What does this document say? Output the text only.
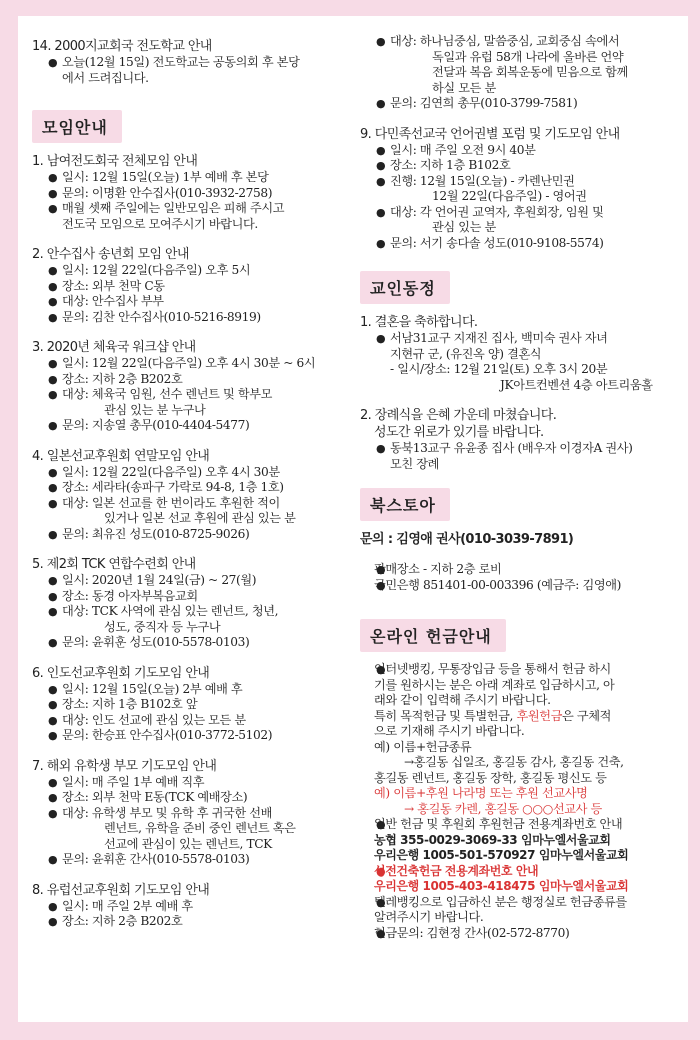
14. 2000지교회국 전도학교 안내

● 오늘(12월 15일) 전도학교는 공동의회 후 본당

에서 드려집니다.

모임안내

1. 남여전도회국 전체모임 안내

● 일시: 12월 15일(오늘) 1부 예배 후 본당

● 문의: 이명환 안수집사(010-3932-2758)

● 매월 셋째 주일에는 일반모임은 피해 주시고

전도국 모임으로 모여주시기 바랍니다.

2. 안수집사 송년회 모임 안내

● 일시: 12월 22일(다음주일) 오후 5시

● 장소: 외부 천막 C동

● 대상: 안수집사 부부

● 문의: 김찬 안수집사(010-5216-8919)

3. 2020년 체육국 워크샵 안내

● 일시: 12월 22일(다음주일) 오후 4시 30분 ~ 6시

● 장소: 지하 2층 B202호

● 대상: 체육국 임원, 선수 렌넌트 및 학부모

관심 있는 분 누구나

● 문의: 지송열 총무(010-4404-5477)

4. 일본선교후원회 연말모임 안내

● 일시: 12월 22일(다음주일) 오후 4시 30분

● 장소: 세라타(송파구 가락로 94-8, 1층 1호)

● 대상: 일본 선교를 한 번이라도 후원한 적이

있거나 일본 선교 후원에 관심 있는 분

● 문의: 최유진 성도(010-8725-9026)

5. 제2회 TCK 연합수련회 안내

● 일시: 2020년 1월 24일(금) ~ 27(월)

● 장소: 동경 아자부복음교회

● 대상: TCK 사역에 관심 있는 렌넌트, 청년,

성도, 중직자 등 누구나

● 문의: 윤휘훈 성도(010-5578-0103)

6. 인도선교후원회 기도모임 안내

● 일시: 12월 15일(오늘) 2부 예배 후

● 장소: 지하 1층 B102호 앞

● 대상: 인도 선교에 관심 있는 모든 분

● 문의: 한승표 안수집사(010-3772-5102)

7. 해외 유학생 부모 기도모임 안내

● 일시: 매 주일 1부 예배 직후

● 장소: 외부 천막 E동(TCK 예배장소)

● 대상: 유학생 부모 및 유학 후 귀국한 선배

렌넌트, 유학을 준비 중인 렌넌트 혹은

선교에 관심이 있는 렌넌트, TCK

● 문의: 윤휘훈 간사(010-5578-0103)

8. 유럽선교후원회 기도모임 안내

● 일시: 매 주일 2부 예배 후

● 장소: 지하 2층 B202호

● 대상: 하나님중심, 말씀중심, 교회중심 속에서

독일과 유럽 58개 나라에 올바른 언약

전달과 복음 회복운동에 믿음으로 함께

하실 모든 분

● 문의: 김연희 총무(010-3799-7581)

9. 다민족선교국 언어권별 포럼 및 기도모임 안내

● 일시: 매 주일 오전 9시 40분

● 장소: 지하 1층 B102호

● 진행: 12월 15일(오늘) - 카렌난민권

12월 22일(다음주일) - 영어권

● 대상: 각 언어권 교역자, 후원회장, 임원 및

관심 있는 분

● 문의: 서기 송다솔 성도(010-9108-5574)

교인동정

1. 결혼을 축하합니다.

● 서남31교구 지재진 집사, 백미숙 권사 자녀

지현규 군, (유진옥 양) 결혼식

- 일시/장소: 12월 21일(토) 오후 3시 20분

JK아트컨벤션 4층 아트리움홀

2. 장례식을 은혜 가운데 마쳤습니다.

성도간 위로가 있기를 바랍니다.

● 동북13교구 유윤종 집사 (배우자 이경자A 권사)

모친 장례

북스토아

문의 : 김영애 권사(010-3039-7891)

● 판매장소 - 지하 2층 로비

● 국민은행 851401-00-003396 (예금주: 김영애)

온라인 헌금안내

● 인터넷뱅킹, 무통장입금 등을 통해서 헌금 하시

기를 원하시는 분은 아래 계좌로 입금하시고, 아

래와 같이 입력해 주시기 바랍니다.

특히 목적헌금 및 특별헌금, 후원헌금은 구체적

으로 기재해 주시기 바랍니다.

예) 이름+헌금종류

→홍길동 십일조, 홍길동 감사, 홍길동 건축,

홍길동 렌넌트, 홍길동 장학, 홍길동 평신도 등

예) 이름+후원 나라명 또는 후원 선교사명

→ 홍길동 카렌, 홍길동 ○○○선교사 등

● 일반 헌금 및 후원회 후원헌금 전용계좌번호 안내

농협 355-0029-3069-33 임마누엘서울교회

우리은행 1005-501-570927 임마누엘서울교회

● 성전건축헌금 전용계좌번호 안내

우리은행 1005-403-418475 임마누엘서울교회

● 텔레뱅킹으로 입금하신 분은 행정실로 헌금종류를

알려주시기 바랍니다.

● 헌금문의: 김현정 간사(02-572-8770)
